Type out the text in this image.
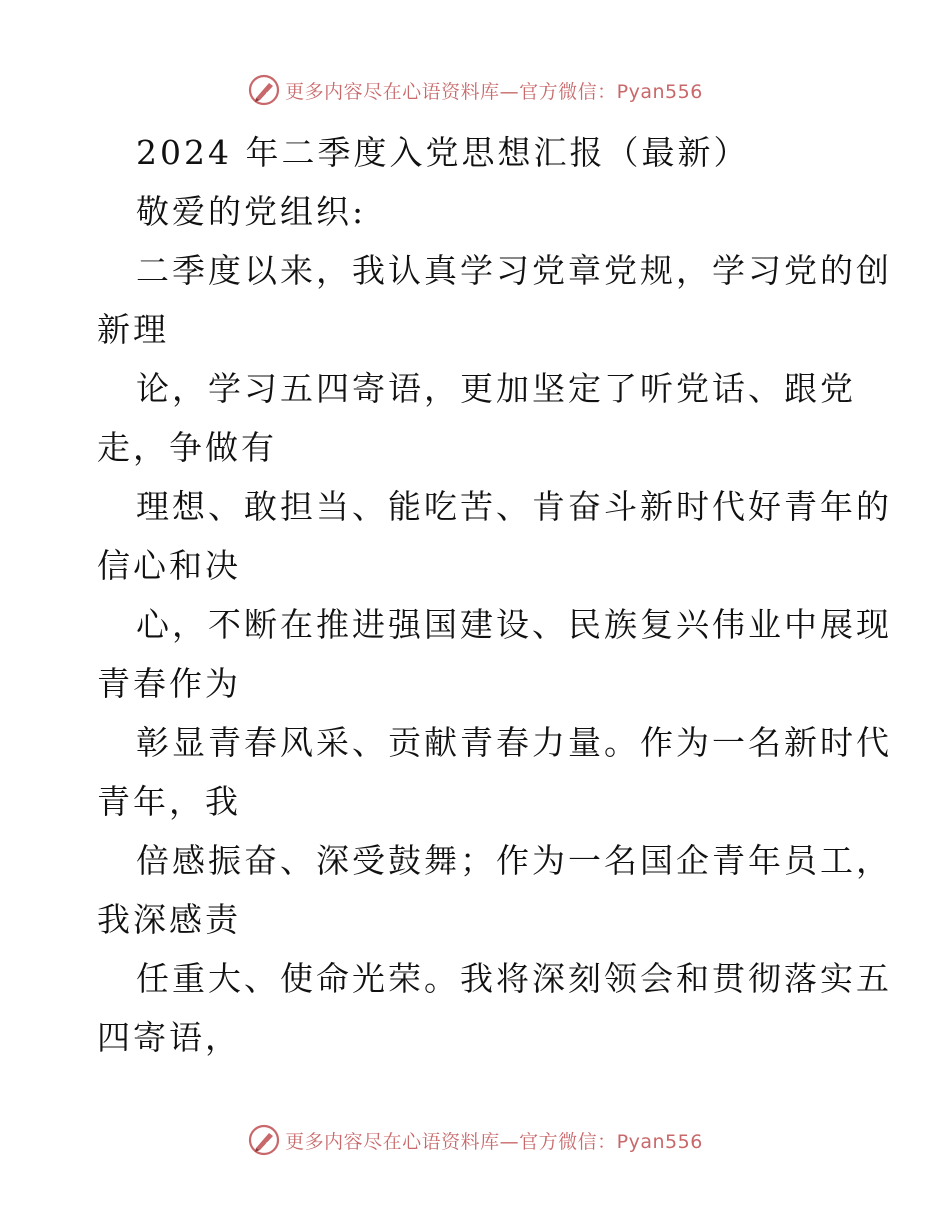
更多内容尽在心语资料库—官方微信：Pyan556
2024 年二季度入党思想汇报（最新）
敬爱的党组织:
二季度以来，我认真学习党章党规，学习党的创
新理
论，学习五四寄语，更加坚定了听党话、跟党
走，争做有
理想、敢担当、能吃苦、肯奋斗新时代好青年的
信心和决
心，不断在推进强国建设、民族复兴伟业中展现
青春作为
彰显青春风采、贡献青春力量。作为一名新时代
青年，我
倍感振奋、深受鼓舞；作为一名国企青年员工，
我深感责
任重大、使命光荣。我将深刻领会和贯彻落实五
四寄语，
更多内容尽在心语资料库—官方微信：Pyan556
